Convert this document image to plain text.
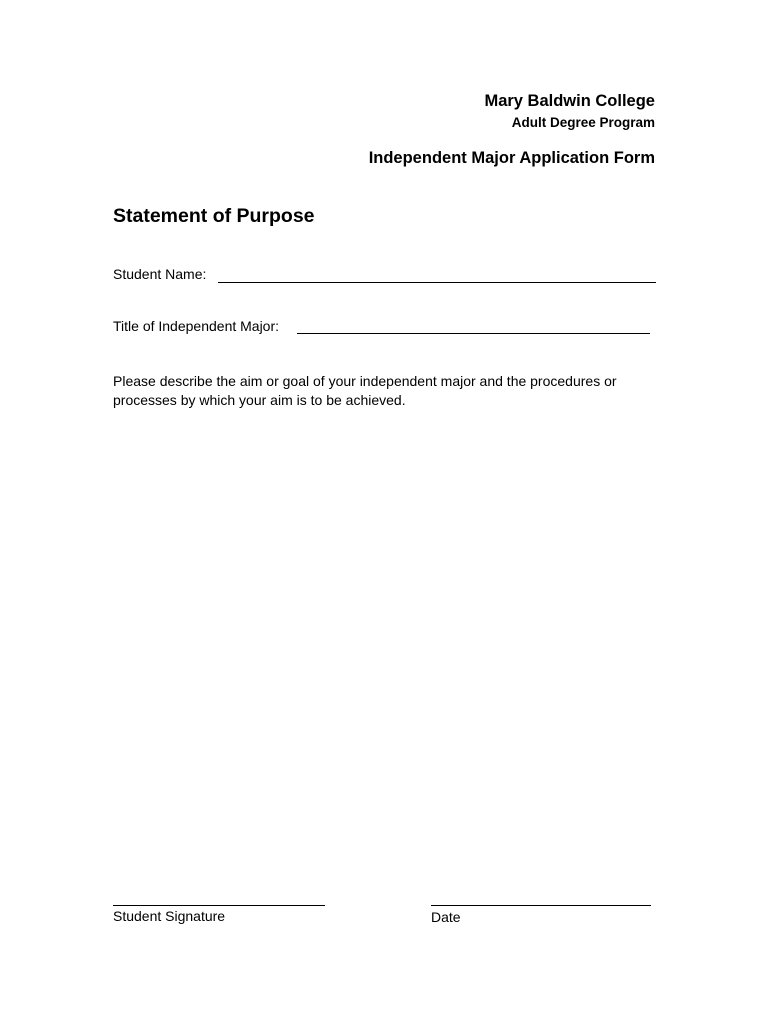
Mary Baldwin College
Adult Degree Program
Independent Major Application Form
Statement of Purpose
Student Name:
Title of Independent Major:
Please describe the aim or goal of your independent major and the procedures or processes by which your aim is to be achieved.
Student Signature	Date
